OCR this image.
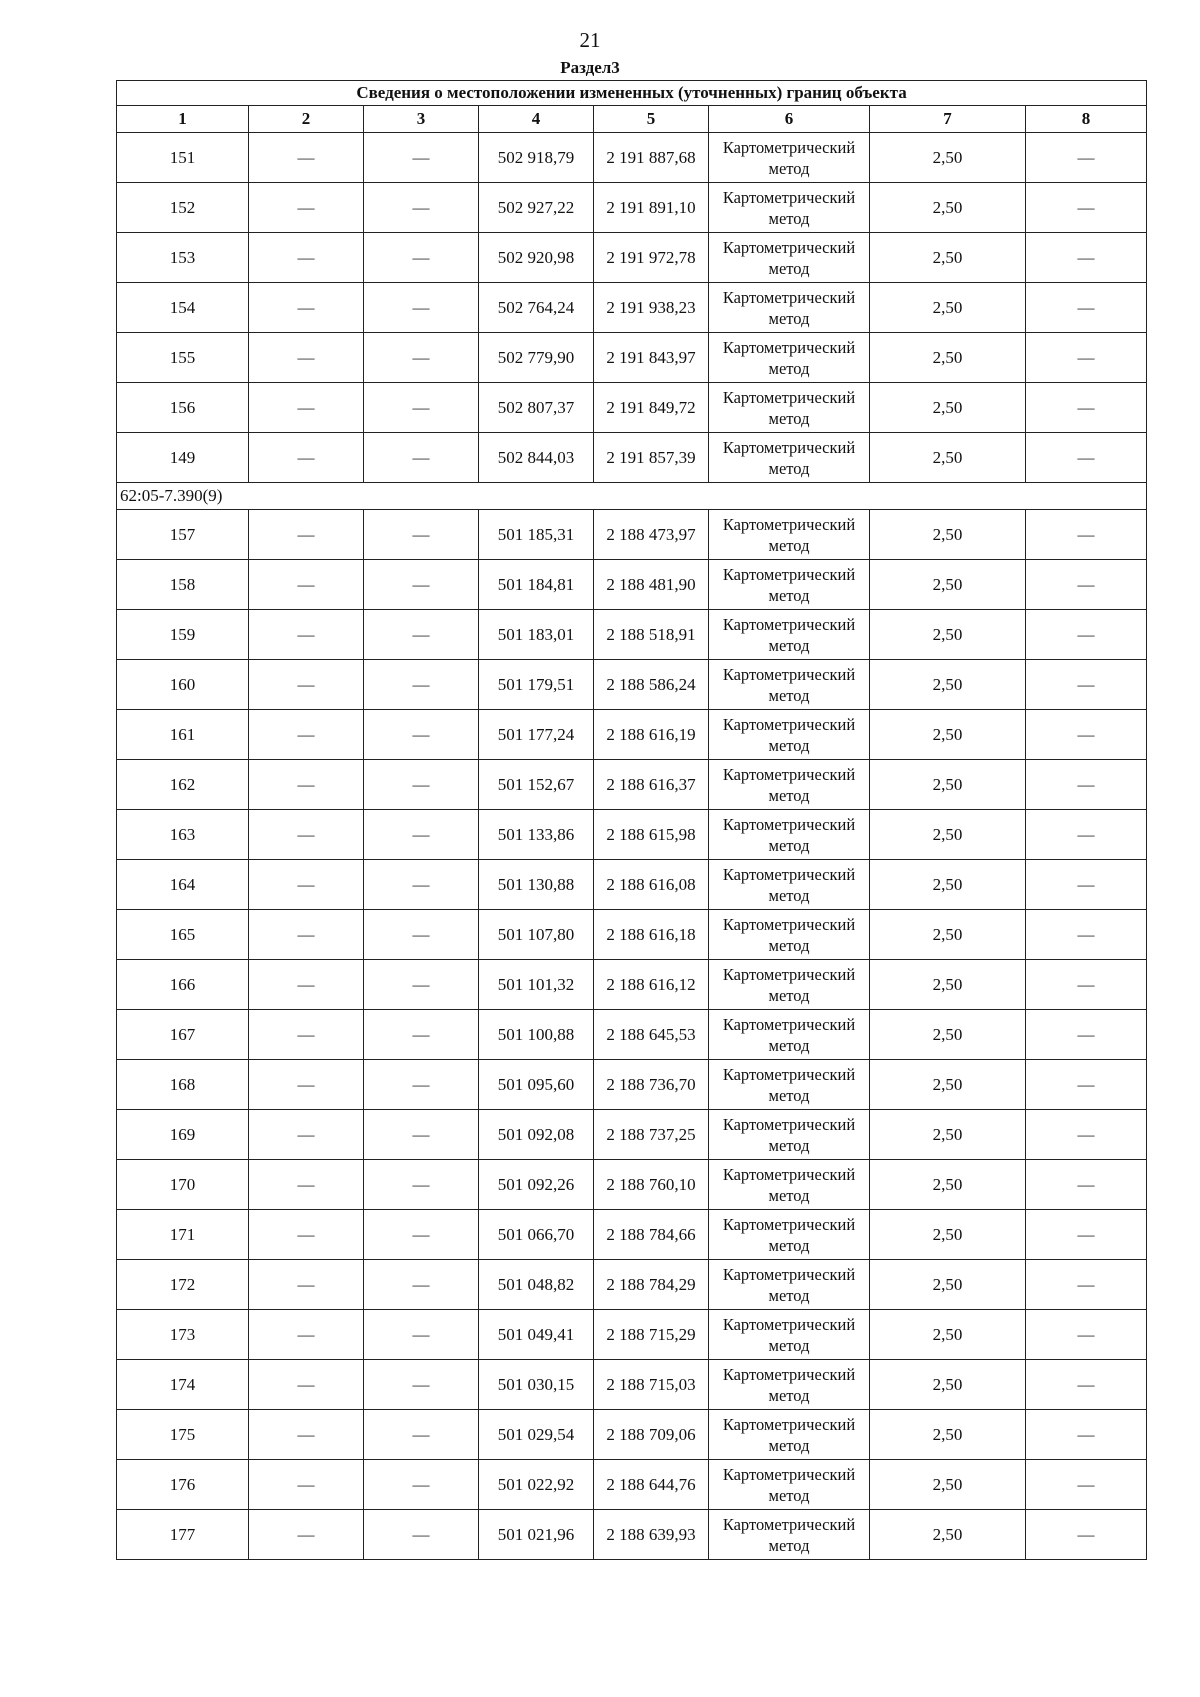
21
Раздел3
Сведения о местоположении измененных (уточненных) границ объекта							
1	2	3	4	5	6	7	8
151	—	—	502 918,79	2 191 887,68	Картометрический метод	2,50	—
152	—	—	502 927,22	2 191 891,10	Картометрический метод	2,50	—
153	—	—	502 920,98	2 191 972,78	Картометрический метод	2,50	—
154	—	—	502 764,24	2 191 938,23	Картометрический метод	2,50	—
155	—	—	502 779,90	2 191 843,97	Картометрический метод	2,50	—
156	—	—	502 807,37	2 191 849,72	Картометрический метод	2,50	—
149	—	—	502 844,03	2 191 857,39	Картометрический метод	2,50	—
62:05-7.390(9)							
157	—	—	501 185,31	2 188 473,97	Картометрический метод	2,50	—
158	—	—	501 184,81	2 188 481,90	Картометрический метод	2,50	—
159	—	—	501 183,01	2 188 518,91	Картометрический метод	2,50	—
160	—	—	501 179,51	2 188 586,24	Картометрический метод	2,50	—
161	—	—	501 177,24	2 188 616,19	Картометрический метод	2,50	—
162	—	—	501 152,67	2 188 616,37	Картометрический метод	2,50	—
163	—	—	501 133,86	2 188 615,98	Картометрический метод	2,50	—
164	—	—	501 130,88	2 188 616,08	Картометрический метод	2,50	—
165	—	—	501 107,80	2 188 616,18	Картометрический метод	2,50	—
166	—	—	501 101,32	2 188 616,12	Картометрический метод	2,50	—
167	—	—	501 100,88	2 188 645,53	Картометрический метод	2,50	—
168	—	—	501 095,60	2 188 736,70	Картометрический метод	2,50	—
169	—	—	501 092,08	2 188 737,25	Картометрический метод	2,50	—
170	—	—	501 092,26	2 188 760,10	Картометрический метод	2,50	—
171	—	—	501 066,70	2 188 784,66	Картометрический метод	2,50	—
172	—	—	501 048,82	2 188 784,29	Картометрический метод	2,50	—
173	—	—	501 049,41	2 188 715,29	Картометрический метод	2,50	—
174	—	—	501 030,15	2 188 715,03	Картометрический метод	2,50	—
175	—	—	501 029,54	2 188 709,06	Картометрический метод	2,50	—
176	—	—	501 022,92	2 188 644,76	Картометрический метод	2,50	—
177	—	—	501 021,96	2 188 639,93	Картометрический метод	2,50	—
